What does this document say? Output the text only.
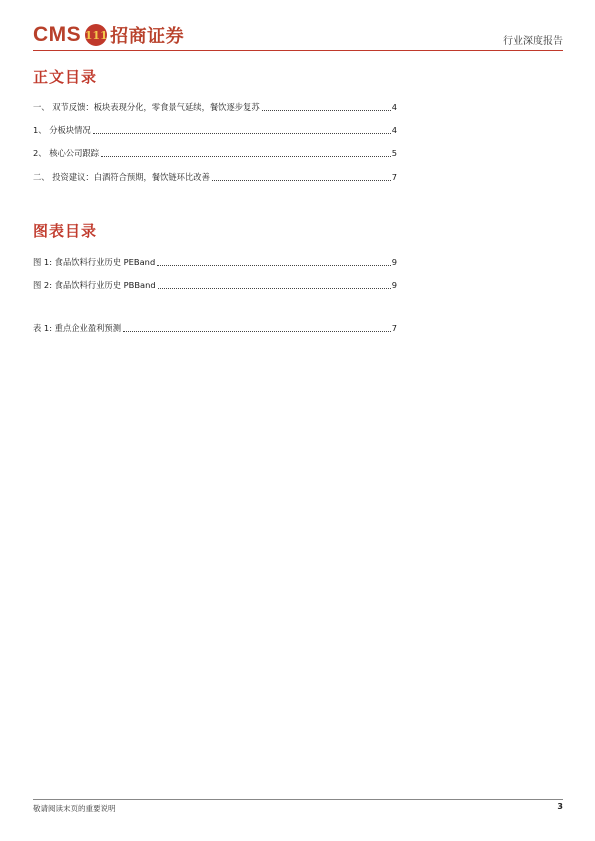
CMS 111 招商证券	行业深度报告
正文目录
一、 双节反馈：板块表现分化，零食景气延续，餐饮逐步复苏	4
1、 分板块情况	4
2、 核心公司跟踪	5
二、 投资建议：白酒符合预期，餐饮链环比改善	7
图表目录
图 1: 食品饮料行业历史 PEBand	9
图 2: 食品饮料行业历史 PBBand	9
表 1: 重点企业盈利预测	7
敬请阅读末页的重要说明	3
